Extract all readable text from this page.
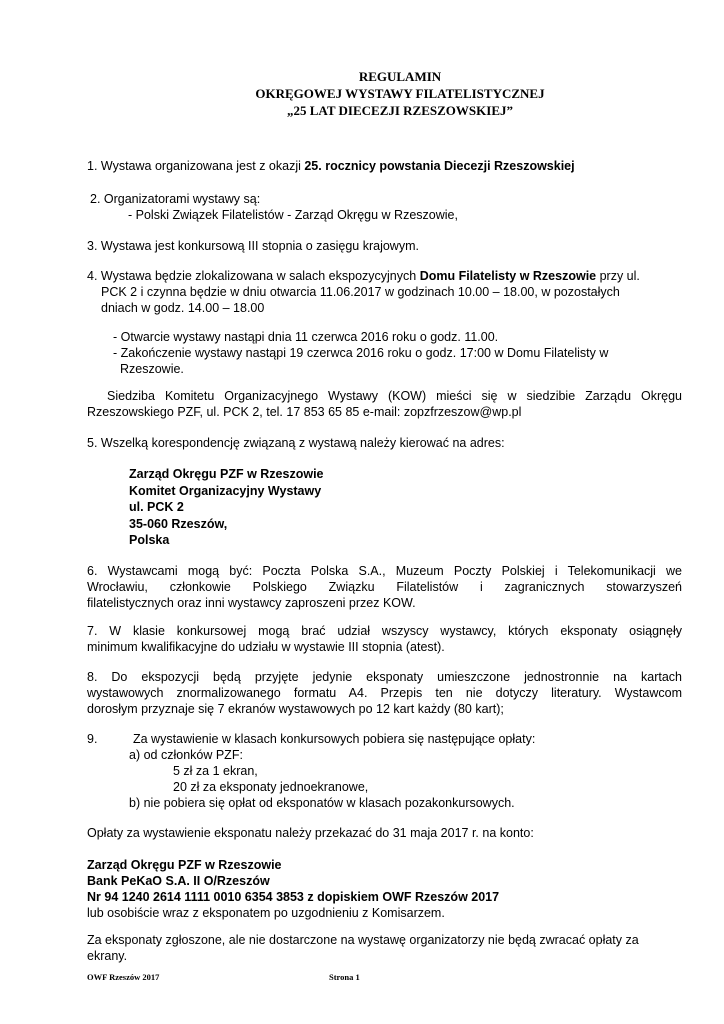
REGULAMIN
OKRĘGOWEJ WYSTAWY FILATELISTYCZNEJ
„25 LAT DIECEZJI RZESZOWSKIEJ”
1. Wystawa organizowana jest z okazji 25. rocznicy powstania Diecezji Rzeszowskiej
2. Organizatorami wystawy są:
- Polski Związek Filatelistów - Zarząd Okręgu w Rzeszowie,
3. Wystawa jest konkursową III stopnia o zasięgu krajowym.
4. Wystawa będzie zlokalizowana w salach ekspozycyjnych Domu Filatelisty w Rzeszowie przy ul.
PCK 2 i czynna będzie w dniu otwarcia 11.06.2017 w godzinach 10.00 – 18.00, w pozostałych
dniach w godz. 14.00 – 18.00
- Otwarcie wystawy nastąpi dnia 11 czerwca 2016 roku o godz. 11.00.
- Zakończenie wystawy nastąpi 19 czerwca 2016 roku o godz. 17:00 w Domu Filatelisty w
Rzeszowie.
Siedziba Komitetu Organizacyjnego Wystawy (KOW) mieści się w siedzibie Zarządu Okręgu
Rzeszowskiego PZF, ul. PCK 2, tel. 17 853 65 85 e-mail: zopzfrzeszow@wp.pl
5. Wszelką korespondencję związaną z wystawą należy kierować na adres:
Zarząd Okręgu PZF w Rzeszowie
Komitet Organizacyjny Wystawy
ul. PCK 2
35-060 Rzeszów,
Polska
6. Wystawcami mogą być: Poczta Polska S.A., Muzeum Poczty Polskiej i Telekomunikacji we
Wrocławiu, członkowie Polskiego Związku Filatelistów i zagranicznych stowarzyszeń
filatelistycznych oraz inni wystawcy zaproszeni przez KOW.
7. W klasie konkursowej mogą brać udział wszyscy wystawcy, których eksponaty osiągnęły
minimum kwalifikacyjne do udziału w wystawie III stopnia (atest).
8. Do ekspozycji będą przyjęte jedynie eksponaty umieszczone jednostronnie na kartach
wystawowych znormalizowanego formatu A4. Przepis ten nie dotyczy literatury. Wystawcom
dorosłym przyznaje się 7 ekranów wystawowych po 12 kart każdy (80 kart);
9.	Za wystawienie w klasach konkursowych pobiera się następujące opłaty:
a) od członków PZF:
5 zł za 1 ekran,
20 zł za eksponaty jednoekranowe,
b) nie pobiera się opłat od eksponatów w klasach pozakonkursowych.
Opłaty za wystawienie eksponatu należy przekazać do 31 maja 2017 r. na konto:
Zarząd Okręgu PZF w Rzeszowie
Bank PeKaO S.A. II O/Rzeszów
Nr 94 1240 2614 1111 0010 6354 3853 z dopiskiem OWF Rzeszów 2017
lub osobiście wraz z eksponatem po uzgodnieniu z Komisarzem.
Za eksponaty zgłoszone, ale nie dostarczone na wystawę organizatorzy nie będą zwracać opłaty za
ekrany.
OWF Rzeszów 2017	Strona 1
